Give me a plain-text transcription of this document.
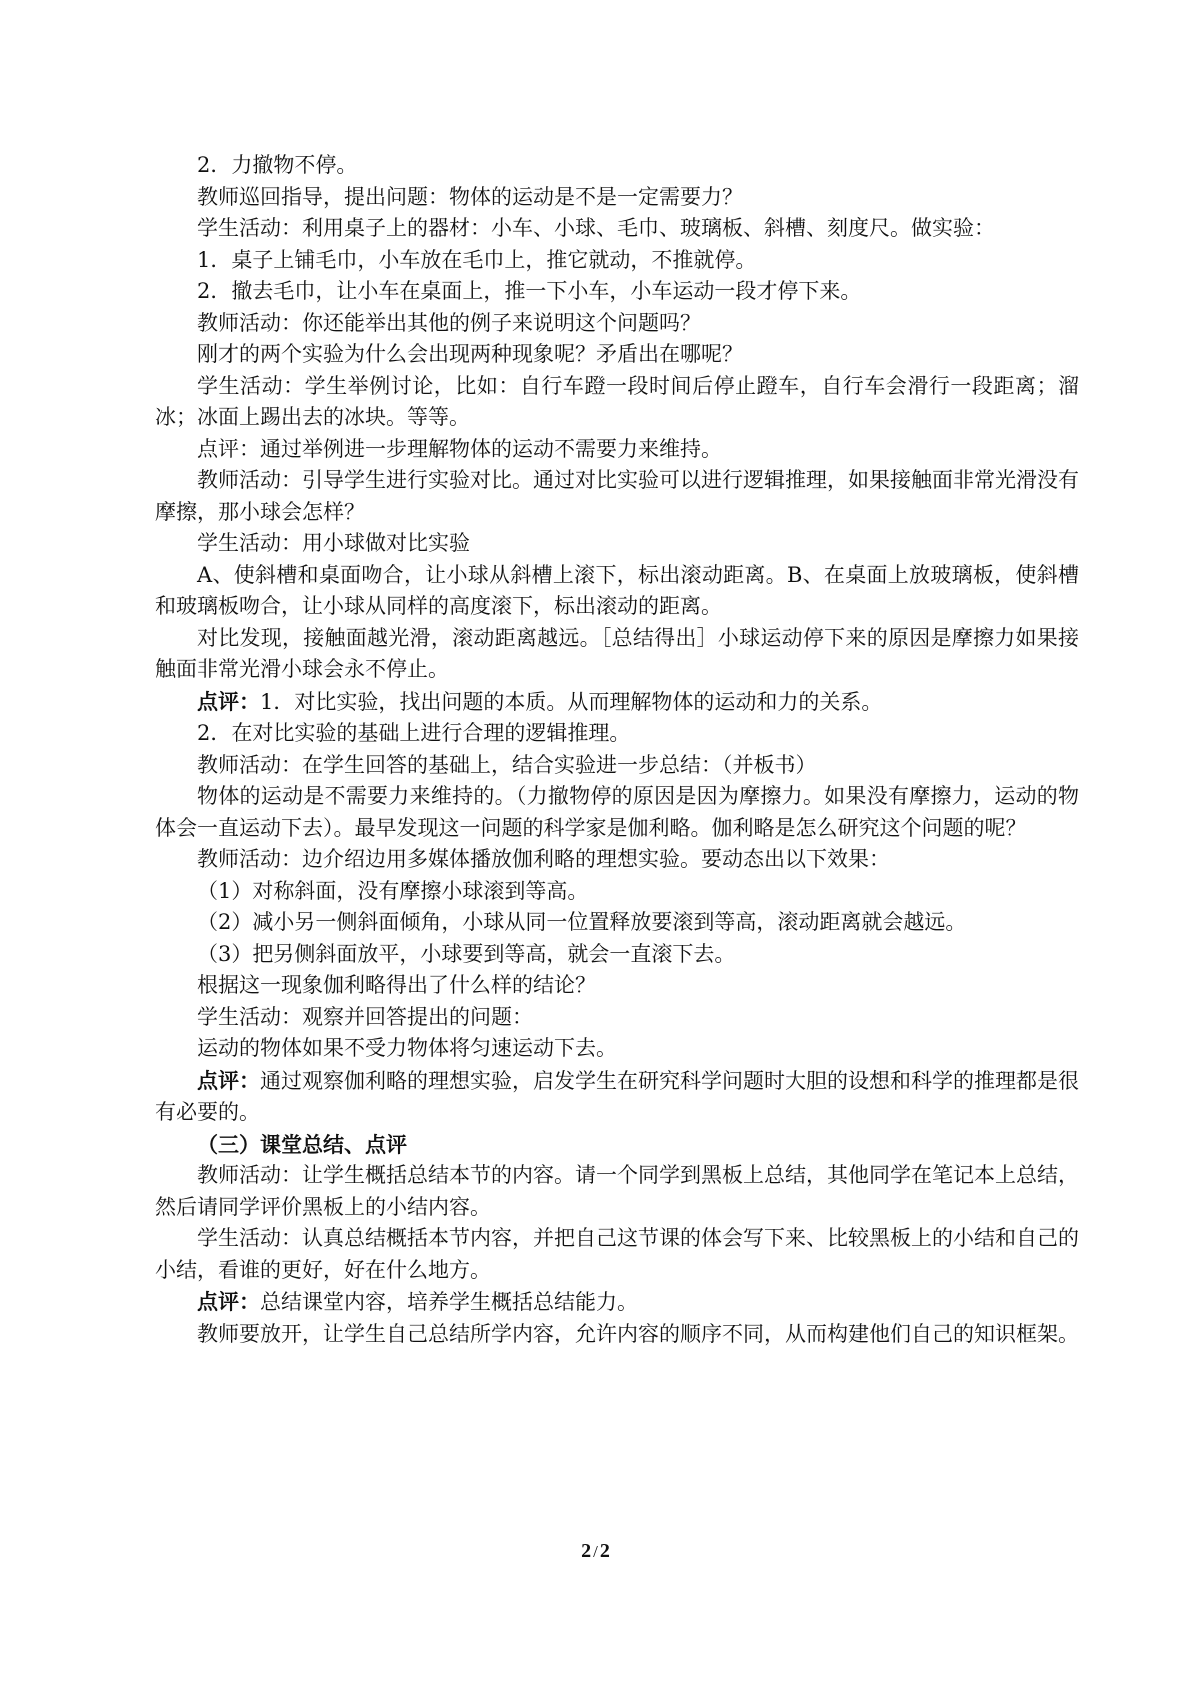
2．力撤物不停。

教师巡回指导，提出问题：物体的运动是不是一定需要力？

学生活动：利用桌子上的器材：小车、小球、毛巾、玻璃板、斜槽、刻度尺。做实验：

1．桌子上铺毛巾，小车放在毛巾上，推它就动，不推就停。

2．撤去毛巾，让小车在桌面上，推一下小车，小车运动一段才停下来。

教师活动：你还能举出其他的例子来说明这个问题吗？

刚才的两个实验为什么会出现两种现象呢？矛盾出在哪呢？

学生活动：学生举例讨论，比如：自行车蹬一段时间后停止蹬车，自行车会滑行一段距离；溜冰；冰面上踢出去的冰块。等等。

点评：通过举例进一步理解物体的运动不需要力来维持。

教师活动：引导学生进行实验对比。通过对比实验可以进行逻辑推理，如果接触面非常光滑没有摩擦，那小球会怎样？

学生活动：用小球做对比实验

A、使斜槽和桌面吻合，让小球从斜槽上滚下，标出滚动距离。B、在桌面上放玻璃板，使斜槽和玻璃板吻合，让小球从同样的高度滚下，标出滚动的距离。

对比发现，接触面越光滑，滚动距离越远。［总结得出］小球运动停下来的原因是摩擦力如果接触面非常光滑小球会永不停止。

点评：1．对比实验，找出问题的本质。从而理解物体的运动和力的关系。

2．在对比实验的基础上进行合理的逻辑推理。

教师活动：在学生回答的基础上，结合实验进一步总结：（并板书）

物体的运动是不需要力来维持的。（力撤物停的原因是因为摩擦力。如果没有摩擦力，运动的物体会一直运动下去）。最早发现这一问题的科学家是伽利略。伽利略是怎么研究这个问题的呢？

教师活动：边介绍边用多媒体播放伽利略的理想实验。要动态出以下效果：

（1）对称斜面，没有摩擦小球滚到等高。

（2）减小另一侧斜面倾角，小球从同一位置释放要滚到等高，滚动距离就会越远。

（3）把另侧斜面放平，小球要到等高，就会一直滚下去。

根据这一现象伽利略得出了什么样的结论？

学生活动：观察并回答提出的问题：

运动的物体如果不受力物体将匀速运动下去。

点评：通过观察伽利略的理想实验，启发学生在研究科学问题时大胆的设想和科学的推理都是很有必要的。

（三）课堂总结、点评

教师活动：让学生概括总结本节的内容。请一个同学到黑板上总结，其他同学在笔记本上总结，然后请同学评价黑板上的小结内容。

学生活动：认真总结概括本节内容，并把自己这节课的体会写下来、比较黑板上的小结和自己的小结，看谁的更好，好在什么地方。

点评：总结课堂内容，培养学生概括总结能力。

教师要放开，让学生自己总结所学内容，允许内容的顺序不同，从而构建他们自己的知识框架。

2 / 2
